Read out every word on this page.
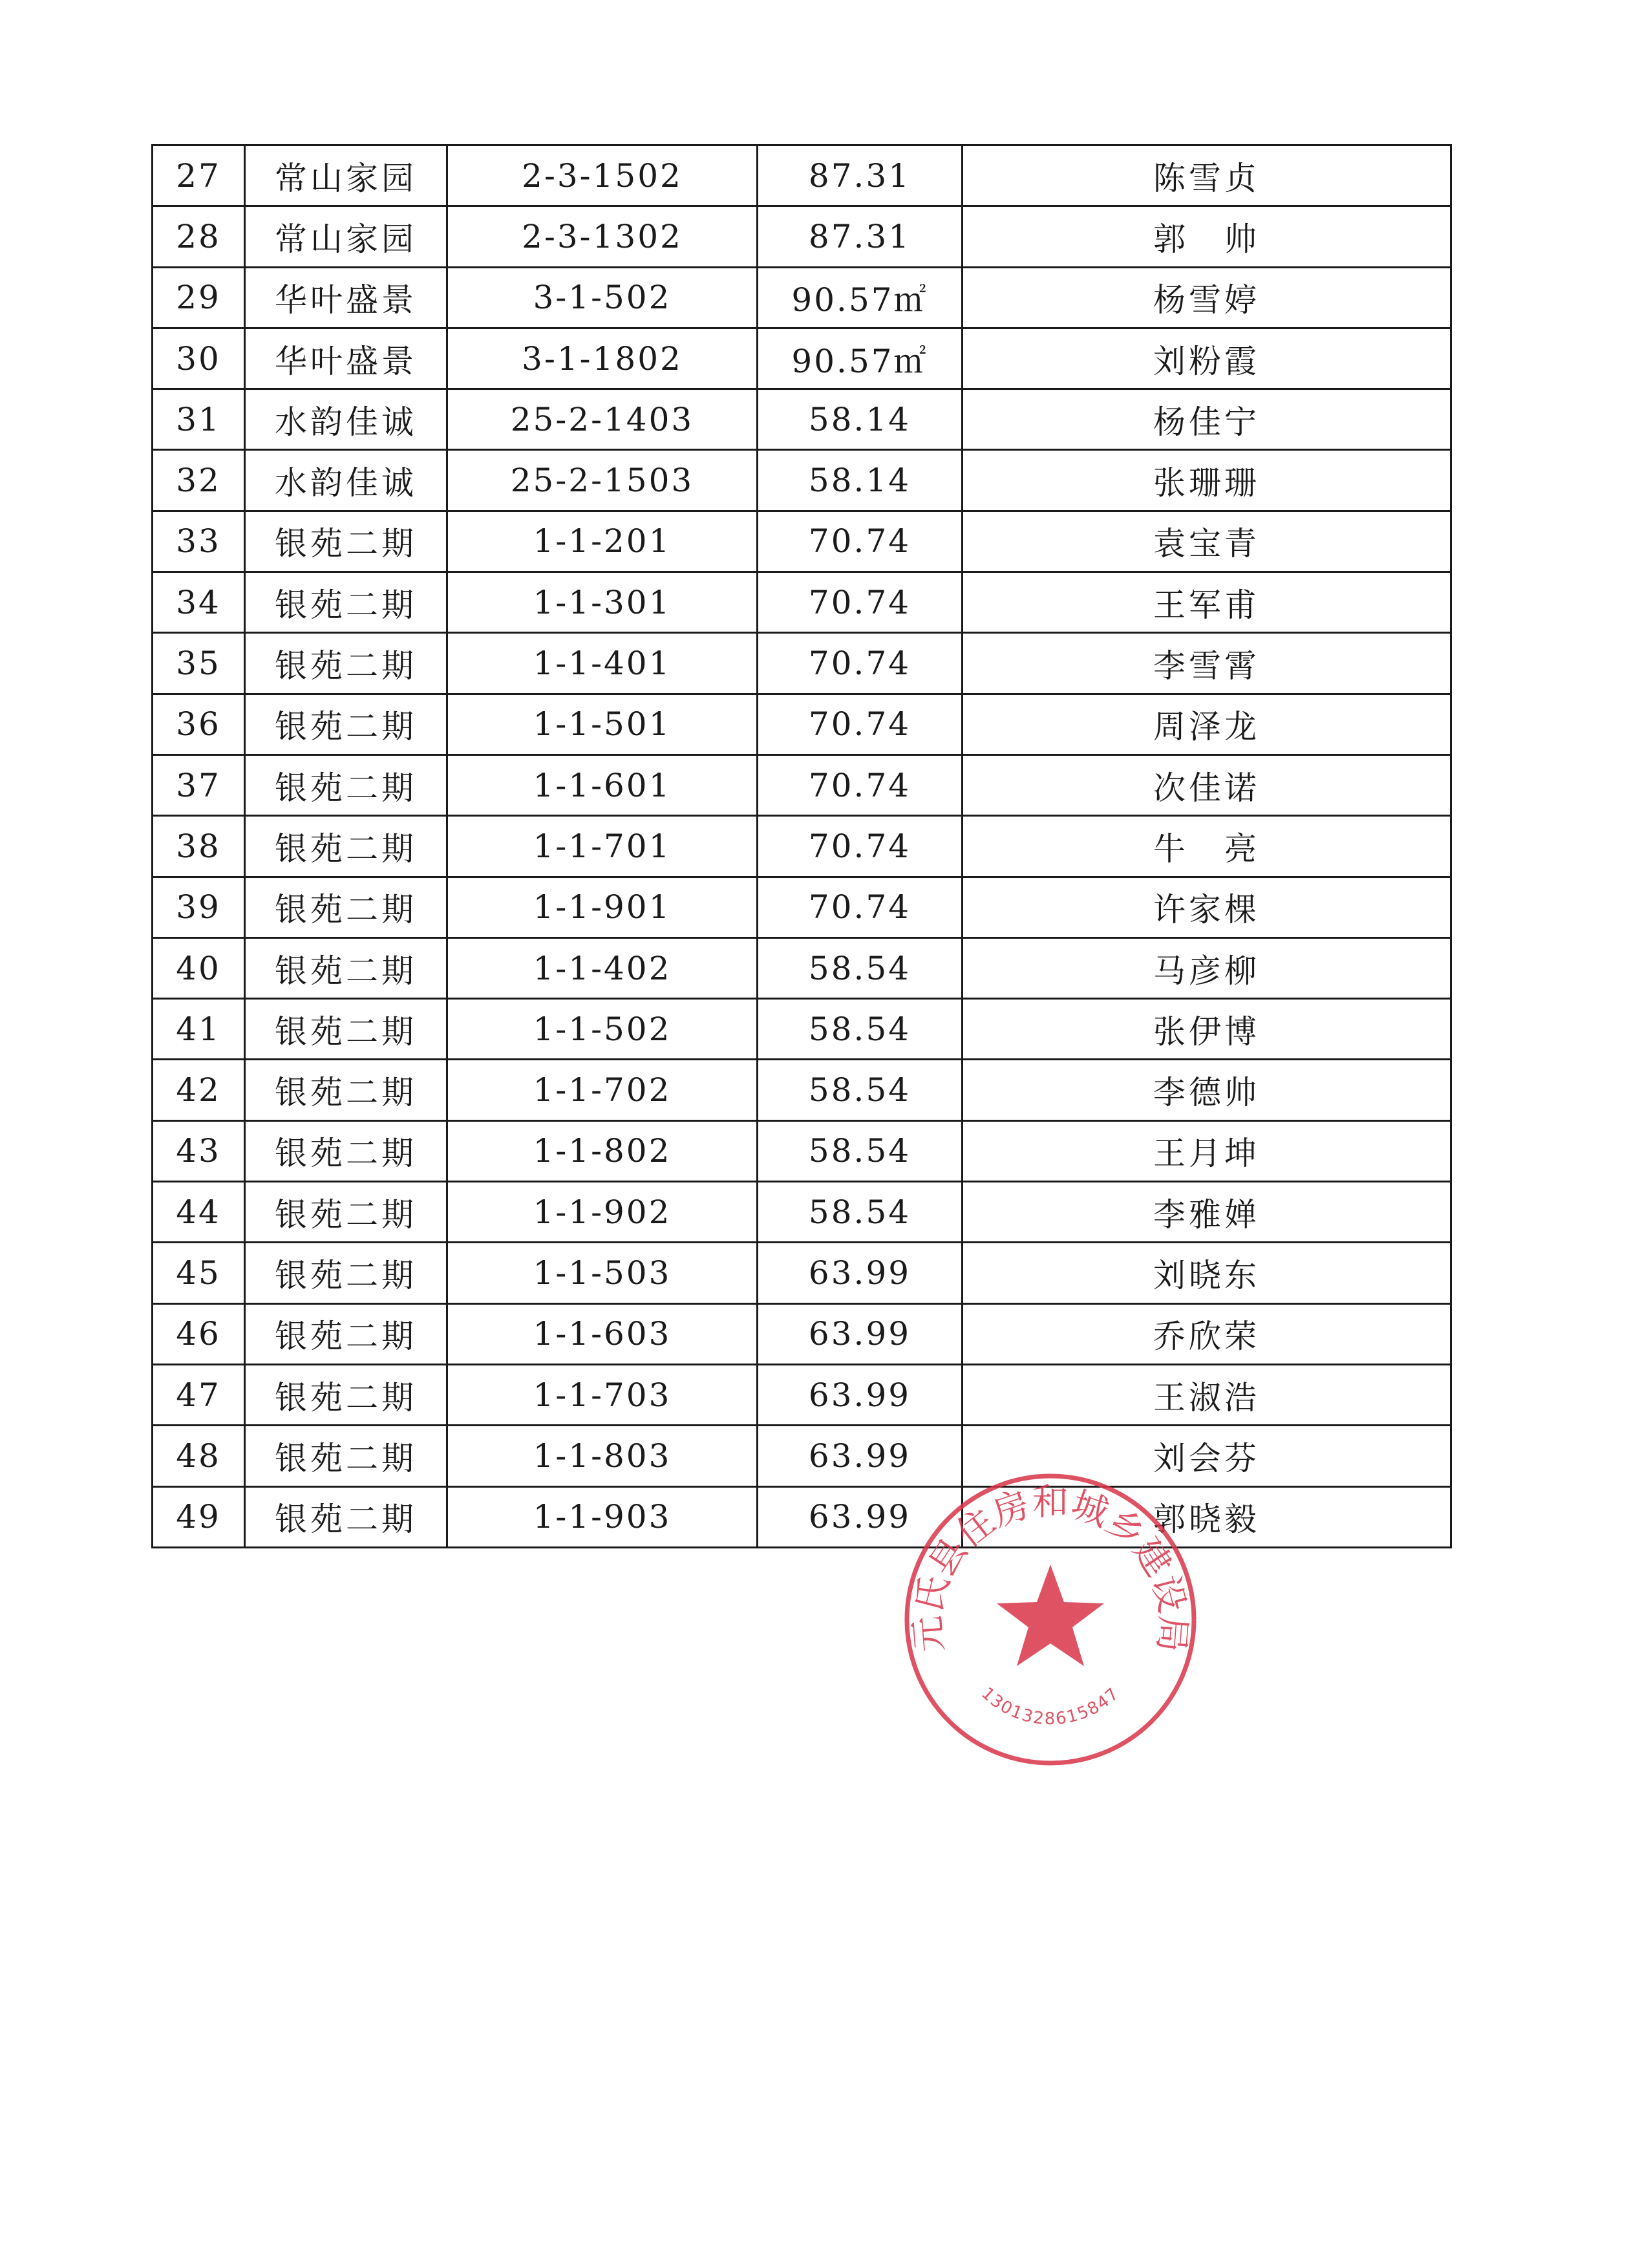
27	常山家园	2-3-1502	87.31	陈雪贞
28	常山家园	2-3-1302	87.31	郭　帅
29	华叶盛景	3-1-502	90.57㎡	杨雪婷
30	华叶盛景	3-1-1802	90.57㎡	刘粉霞
31	水韵佳诚	25-2-1403	58.14	杨佳宁
32	水韵佳诚	25-2-1503	58.14	张珊珊
33	银苑二期	1-1-201	70.74	袁宝青
34	银苑二期	1-1-301	70.74	王军甫
35	银苑二期	1-1-401	70.74	李雪霄
36	银苑二期	1-1-501	70.74	周泽龙
37	银苑二期	1-1-601	70.74	次佳诺
38	银苑二期	1-1-701	70.74	牛　亮
39	银苑二期	1-1-901	70.74	许家棵
40	银苑二期	1-1-402	58.54	马彦柳
41	银苑二期	1-1-502	58.54	张伊博
42	银苑二期	1-1-702	58.54	李德帅
43	银苑二期	1-1-802	58.54	王月坤
44	银苑二期	1-1-902	58.54	李雅婵
45	银苑二期	1-1-503	63.99	刘晓东
46	银苑二期	1-1-603	63.99	乔欣荣
47	银苑二期	1-1-703	63.99	王淑浩
48	银苑二期	1-1-803	63.99	刘会芬
49	银苑二期	1-1-903	63.99	郭晓毅
元氏县住房和城乡建设局
1301328615847
